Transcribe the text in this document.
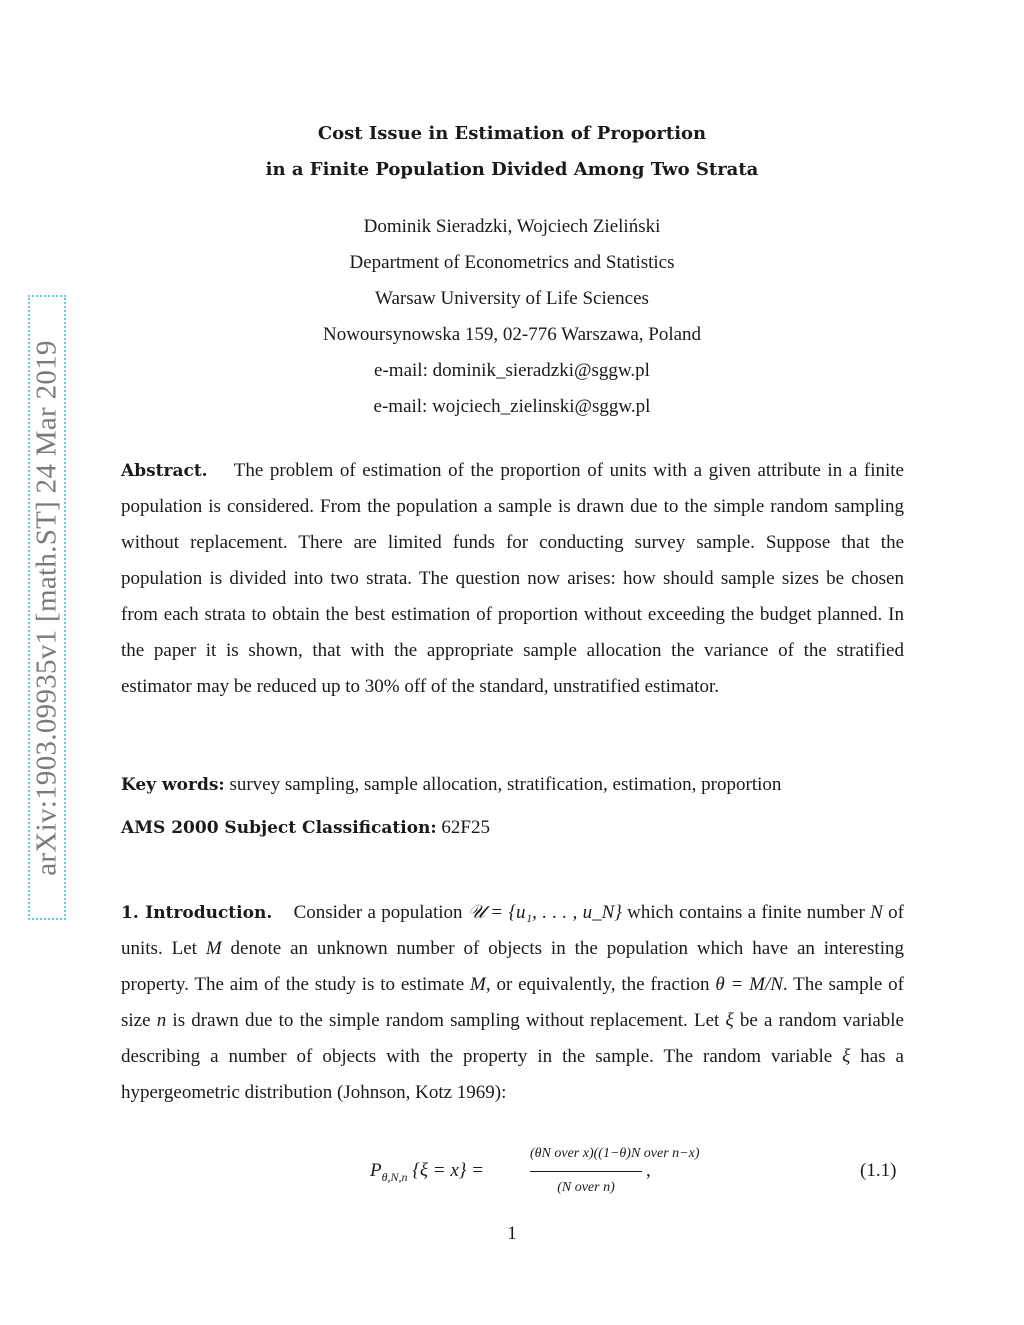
arXiv:1903.09935v1 [math.ST] 24 Mar 2019
Cost Issue in Estimation of Proportion
in a Finite Population Divided Among Two Strata
Dominik Sieradzki, Wojciech Zieliński
Department of Econometrics and Statistics
Warsaw University of Life Sciences
Nowoursynowska 159, 02-776 Warszawa, Poland
e-mail: dominik_sieradzki@sggw.pl
e-mail: wojciech_zielinski@sggw.pl
Abstract. The problem of estimation of the proportion of units with a given attribute in a finite population is considered. From the population a sample is drawn due to the simple random sampling without replacement. There are limited funds for conducting survey sample. Suppose that the population is divided into two strata. The question now arises: how should sample sizes be chosen from each strata to obtain the best estimation of proportion without exceeding the budget planned. In the paper it is shown, that with the appropriate sample allocation the variance of the stratified estimator may be reduced up to 30% off of the standard, unstratified estimator.
Key words: survey sampling, sample allocation, stratification, estimation, proportion
AMS 2000 Subject Classification: 62F25
1. Introduction. Consider a population 𝒰 = {u₁, . . . , u_N} which contains a finite number N of units. Let M denote an unknown number of objects in the population which have an interesting property. The aim of the study is to estimate M, or equivalently, the fraction θ = M/N. The sample of size n is drawn due to the simple random sampling without replacement. Let ξ be a random variable describing a number of objects with the property in the sample. The random variable ξ has a hypergeometric distribution (Johnson, Kotz 1969):
$P_{\theta,N,n}$ {ξ = x} =
(θN over x)((1−θ)N over n−x)
(N over n)
,	(1.1)
1
